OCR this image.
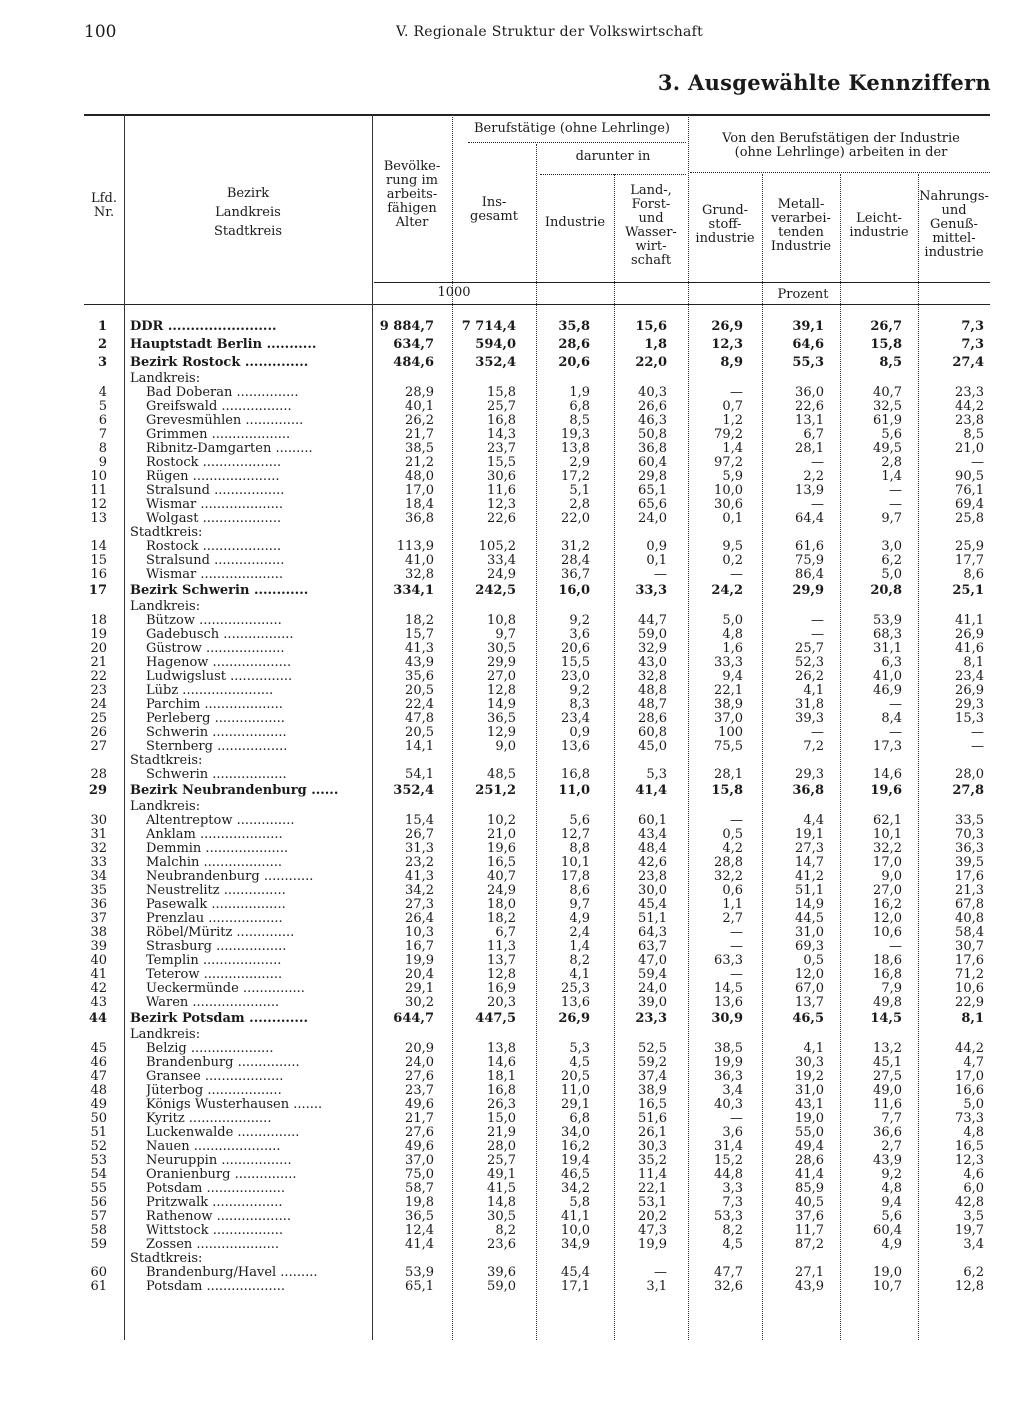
100	V. Regionale Struktur der Volkswirtschaft
3. Ausgewählte Kennziffern
Lfd.
Nr.
Bezirk
Landkreis
Stadtkreis
Bevölke-
rung im
arbeits-
fähigen
Alter
Berufstätige (ohne Lehrlinge)
darunter in
Ins-
gesamt	Industrie
Land-,
Forst-
und
Wasser-
wirt-
schaft
Von den Berufstätigen der Industrie
(ohne Lehrlinge) arbeiten in der
Grund-
stoff-
industrie
Metall-
verarbei-
tenden
Industrie
Leicht-
industrie
Nahrungs-
und
Genuß-
mittel-
industrie
1000	Prozent
1 DDR ........................	9 884,7	7 714,4	35,8	15,6	26,9	39,1	26,7	7,3
2 Hauptstadt Berlin ...........	634,7	594,0	28,6	1,8	12,3	64,6	15,8	7,3
3 Bezirk Rostock ..............	484,6	352,4	20,6	22,0	8,9	55,3	8,5	27,4
Landkreis:
4	Bad Doberan ...............	28,9	15,8	1,9	40,3	—	36,0	40,7	23,3
5	Greifswald .................	40,1	25,7	6,8	26,6	0,7	22,6	32,5	44,2
6	Grevesmühlen ..............	26,2	16,8	8,5	46,3	1,2	13,1	61,9	23,8
7	Grimmen ...................	21,7	14,3	19,3	50,8	79,2	6,7	5,6	8,5
8	Ribnitz-Damgarten .........	38,5	23,7	13,8	36,8	1,4	28,1	49,5	21,0
9	Rostock ...................	21,2	15,5	2,9	60,4	97,2	—	2,8	—
10	Rügen .....................	48,0	30,6	17,2	29,8	5,9	2,2	1,4	90,5
11	Stralsund .................	17,0	11,6	5,1	65,1	10,0	13,9	—	76,1
12	Wismar ....................	18,4	12,3	2,8	65,6	30,6	—	—	69,4
13	Wolgast ...................	36,8	22,6	22,0	24,0	0,1	64,4	9,7	25,8
Stadtkreis:
14	Rostock ...................	113,9	105,2	31,2	0,9	9,5	61,6	3,0	25,9
15	Stralsund .................	41,0	33,4	28,4	0,1	0,2	75,9	6,2	17,7
16	Wismar ....................	32,8	24,9	36,7	—	—	86,4	5,0	8,6
17 Bezirk Schwerin ............	334,1	242,5	16,0	33,3	24,2	29,9	20,8	25,1
Landkreis:
18	Bützow ....................	18,2	10,8	9,2	44,7	5,0	—	53,9	41,1
19	Gadebusch .................	15,7	9,7	3,6	59,0	4,8	—	68,3	26,9
20	Güstrow ...................	41,3	30,5	20,6	32,9	1,6	25,7	31,1	41,6
21	Hagenow ...................	43,9	29,9	15,5	43,0	33,3	52,3	6,3	8,1
22	Ludwigslust ...............	35,6	27,0	23,0	32,8	9,4	26,2	41,0	23,4
23	Lübz ......................	20,5	12,8	9,2	48,8	22,1	4,1	46,9	26,9
24	Parchim ...................	22,4	14,9	8,3	48,7	38,9	31,8	—	29,3
25	Perleberg .................	47,8	36,5	23,4	28,6	37,0	39,3	8,4	15,3
26	Schwerin ..................	20,5	12,9	0,9	60,8	100	—	—	—
27	Sternberg .................	14,1	9,0	13,6	45,0	75,5	7,2	17,3	—
Stadtkreis:
28	Schwerin ..................	54,1	48,5	16,8	5,3	28,1	29,3	14,6	28,0
29 Bezirk Neubrandenburg ......	352,4	251,2	11,0	41,4	15,8	36,8	19,6	27,8
Landkreis:
30	Altentreptow ..............	15,4	10,2	5,6	60,1	—	4,4	62,1	33,5
31	Anklam ....................	26,7	21,0	12,7	43,4	0,5	19,1	10,1	70,3
32	Demmin ....................	31,3	19,6	8,8	48,4	4,2	27,3	32,2	36,3
33	Malchin ...................	23,2	16,5	10,1	42,6	28,8	14,7	17,0	39,5
34	Neubrandenburg ............	41,3	40,7	17,8	23,8	32,2	41,2	9,0	17,6
35	Neustrelitz ...............	34,2	24,9	8,6	30,0	0,6	51,1	27,0	21,3
36	Pasewalk ..................	27,3	18,0	9,7	45,4	1,1	14,9	16,2	67,8
37	Prenzlau ..................	26,4	18,2	4,9	51,1	2,7	44,5	12,0	40,8
38	Röbel/Müritz ..............	10,3	6,7	2,4	64,3	—	31,0	10,6	58,4
39	Strasburg .................	16,7	11,3	1,4	63,7	—	69,3	—	30,7
40	Templin ...................	19,9	13,7	8,2	47,0	63,3	0,5	18,6	17,6
41	Teterow ...................	20,4	12,8	4,1	59,4	—	12,0	16,8	71,2
42	Ueckermünde ...............	29,1	16,9	25,3	24,0	14,5	67,0	7,9	10,6
43	Waren .....................	30,2	20,3	13,6	39,0	13,6	13,7	49,8	22,9
44 Bezirk Potsdam .............	644,7	447,5	26,9	23,3	30,9	46,5	14,5	8,1
Landkreis:
45	Belzig ....................	20,9	13,8	5,3	52,5	38,5	4,1	13,2	44,2
46	Brandenburg ...............	24,0	14,6	4,5	59,2	19,9	30,3	45,1	4,7
47	Gransee ...................	27,6	18,1	20,5	37,4	36,3	19,2	27,5	17,0
48	Jüterbog ..................	23,7	16,8	11,0	38,9	3,4	31,0	49,0	16,6
49	Königs Wusterhausen .......	49,6	26,3	29,1	16,5	40,3	43,1	11,6	5,0
50	Kyritz ....................	21,7	15,0	6,8	51,6	—	19,0	7,7	73,3
51	Luckenwalde ...............	27,6	21,9	34,0	26,1	3,6	55,0	36,6	4,8
52	Nauen .....................	49,6	28,0	16,2	30,3	31,4	49,4	2,7	16,5
53	Neuruppin .................	37,0	25,7	19,4	35,2	15,2	28,6	43,9	12,3
54	Oranienburg ...............	75,0	49,1	46,5	11,4	44,8	41,4	9,2	4,6
55	Potsdam ...................	58,7	41,5	34,2	22,1	3,3	85,9	4,8	6,0
56	Pritzwalk .................	19,8	14,8	5,8	53,1	7,3	40,5	9,4	42,8
57	Rathenow ..................	36,5	30,5	41,1	20,2	53,3	37,6	5,6	3,5
58	Wittstock .................	12,4	8,2	10,0	47,3	8,2	11,7	60,4	19,7
59	Zossen ....................	41,4	23,6	34,9	19,9	4,5	87,2	4,9	3,4
Stadtkreis:
60	Brandenburg/Havel .........	53,9	39,6	45,4	—	47,7	27,1	19,0	6,2
61	Potsdam ...................	65,1	59,0	17,1	3,1	32,6	43,9	10,7	12,8
